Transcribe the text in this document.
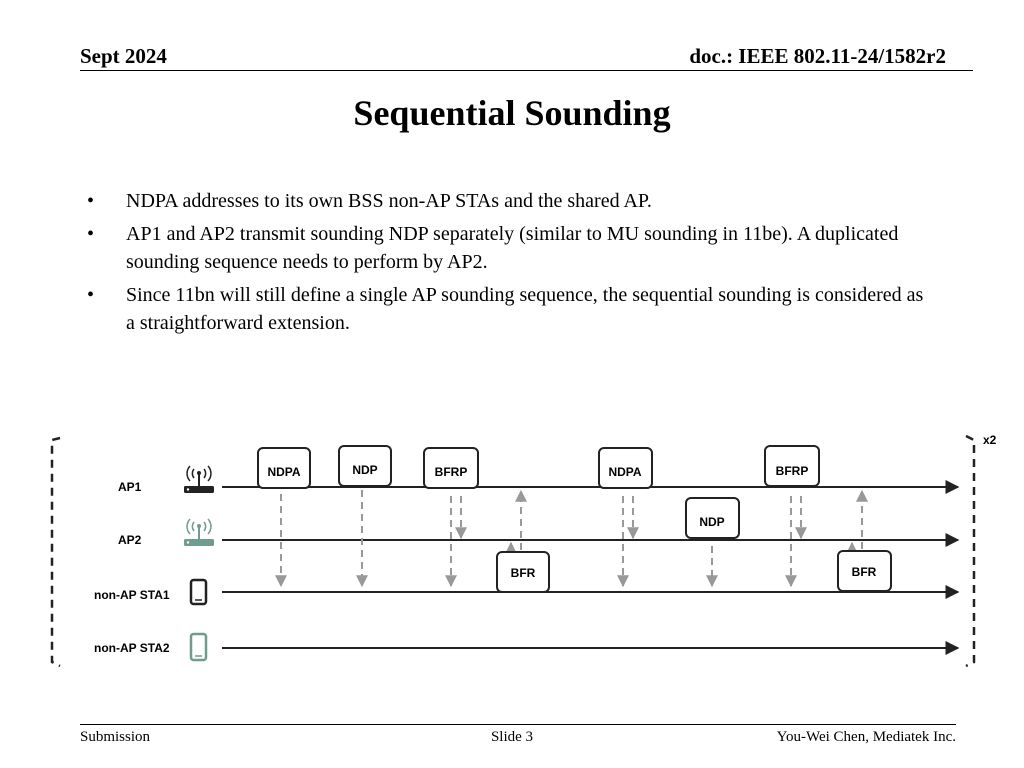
Sept 2024	doc.: IEEE 802.11-24/1582r2
Sequential Sounding
• NDPA addresses to its own BSS non-AP STAs and the shared AP.
• AP1 and AP2 transmit sounding NDP separately (similar to MU sounding in 11be). A duplicated sounding sequence needs to perform by AP2.
• Since 11bn will still define a single AP sounding sequence, the sequential sounding is considered as a straightforward extension.
x2
AP1
AP2
non-AP STA1
non-AP STA2
NDPA	NDP	BFRP
BFR
NDPA
NDP
BFRP
BFR
Submission	Slide 3	You-Wei Chen, Mediatek Inc.
